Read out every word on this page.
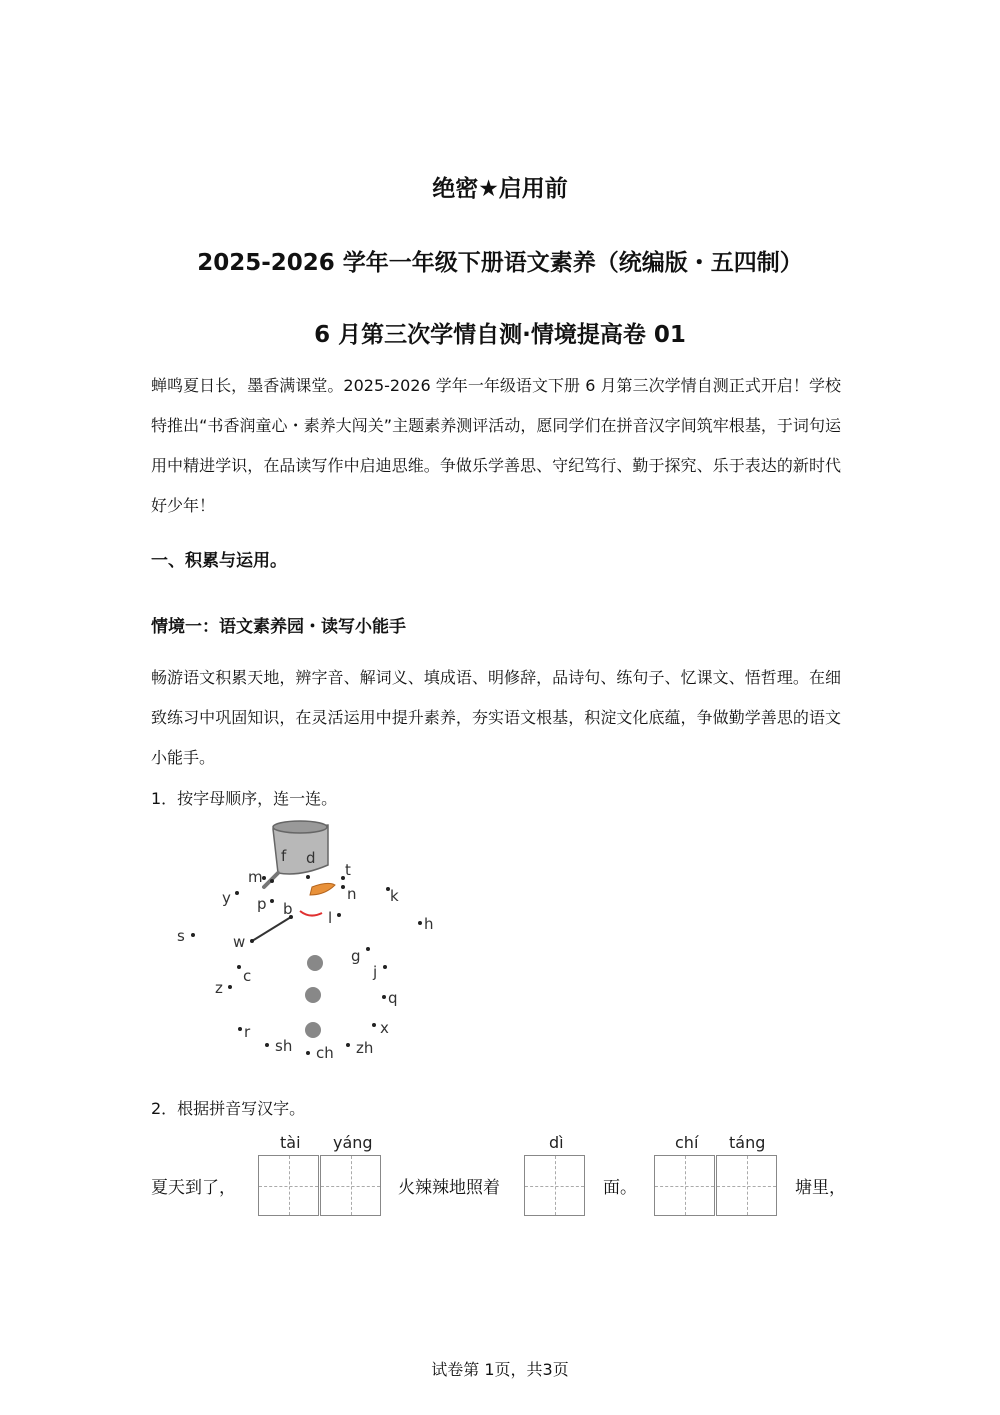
绝密★启用前
2025-2026 学年一年级下册语文素养（统编版・五四制）
6 月第三次学情自测·情境提高卷 01
蝉鸣夏日长，墨香满课堂。2025-2026 学年一年级语文下册 6 月第三次学情自测正式开启！学校特推出“书香润童心・素养大闯关”主题素养测评活动，愿同学们在拼音汉字间筑牢根基，于词句运用中精进学识，在品读写作中启迪思维。争做乐学善思、守纪笃行、勤于探究、乐于表达的新时代好少年！
一、积累与运用。
情境一：语文素养园・读写小能手
畅游语文积累天地，辨字音、解词义、填成语、明修辞，品诗句、练句子、忆课文、悟哲理。在细致练习中巩固知识，在灵活运用中提升素养，夯实语文根基，积淀文化底蕴，争做勤学善思的语文小能手。
1．按字母顺序，连一连。
f d
m	t
y	n k
p b l	h
s	w
g
j
c
z
q
r	x
sh ch zh
2．根据拼音写汉字。
tài yáng	dì	chí táng
夏天到了，	火辣辣地照着	面。	塘里，
试卷第 1页，共3页
